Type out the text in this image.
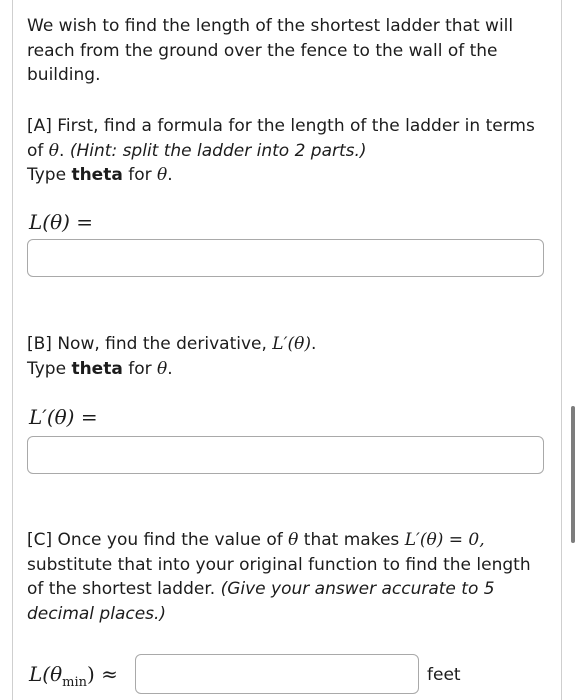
We wish to find the length of the shortest ladder that will reach from the ground over the fence to the wall of the building.

[A] First, find a formula for the length of the ladder in terms of θ. (Hint: split the ladder into 2 parts.)
Type theta for θ.

L(θ) =

[B] Now, find the derivative, L′(θ).
Type theta for θ.

L′(θ) =

[C] Once you find the value of θ that makes L′(θ) = 0, substitute that into your original function to find the length of the shortest ladder. (Give your answer accurate to 5 decimal places.)

$L(\theta_{min})$ ≈	feet
